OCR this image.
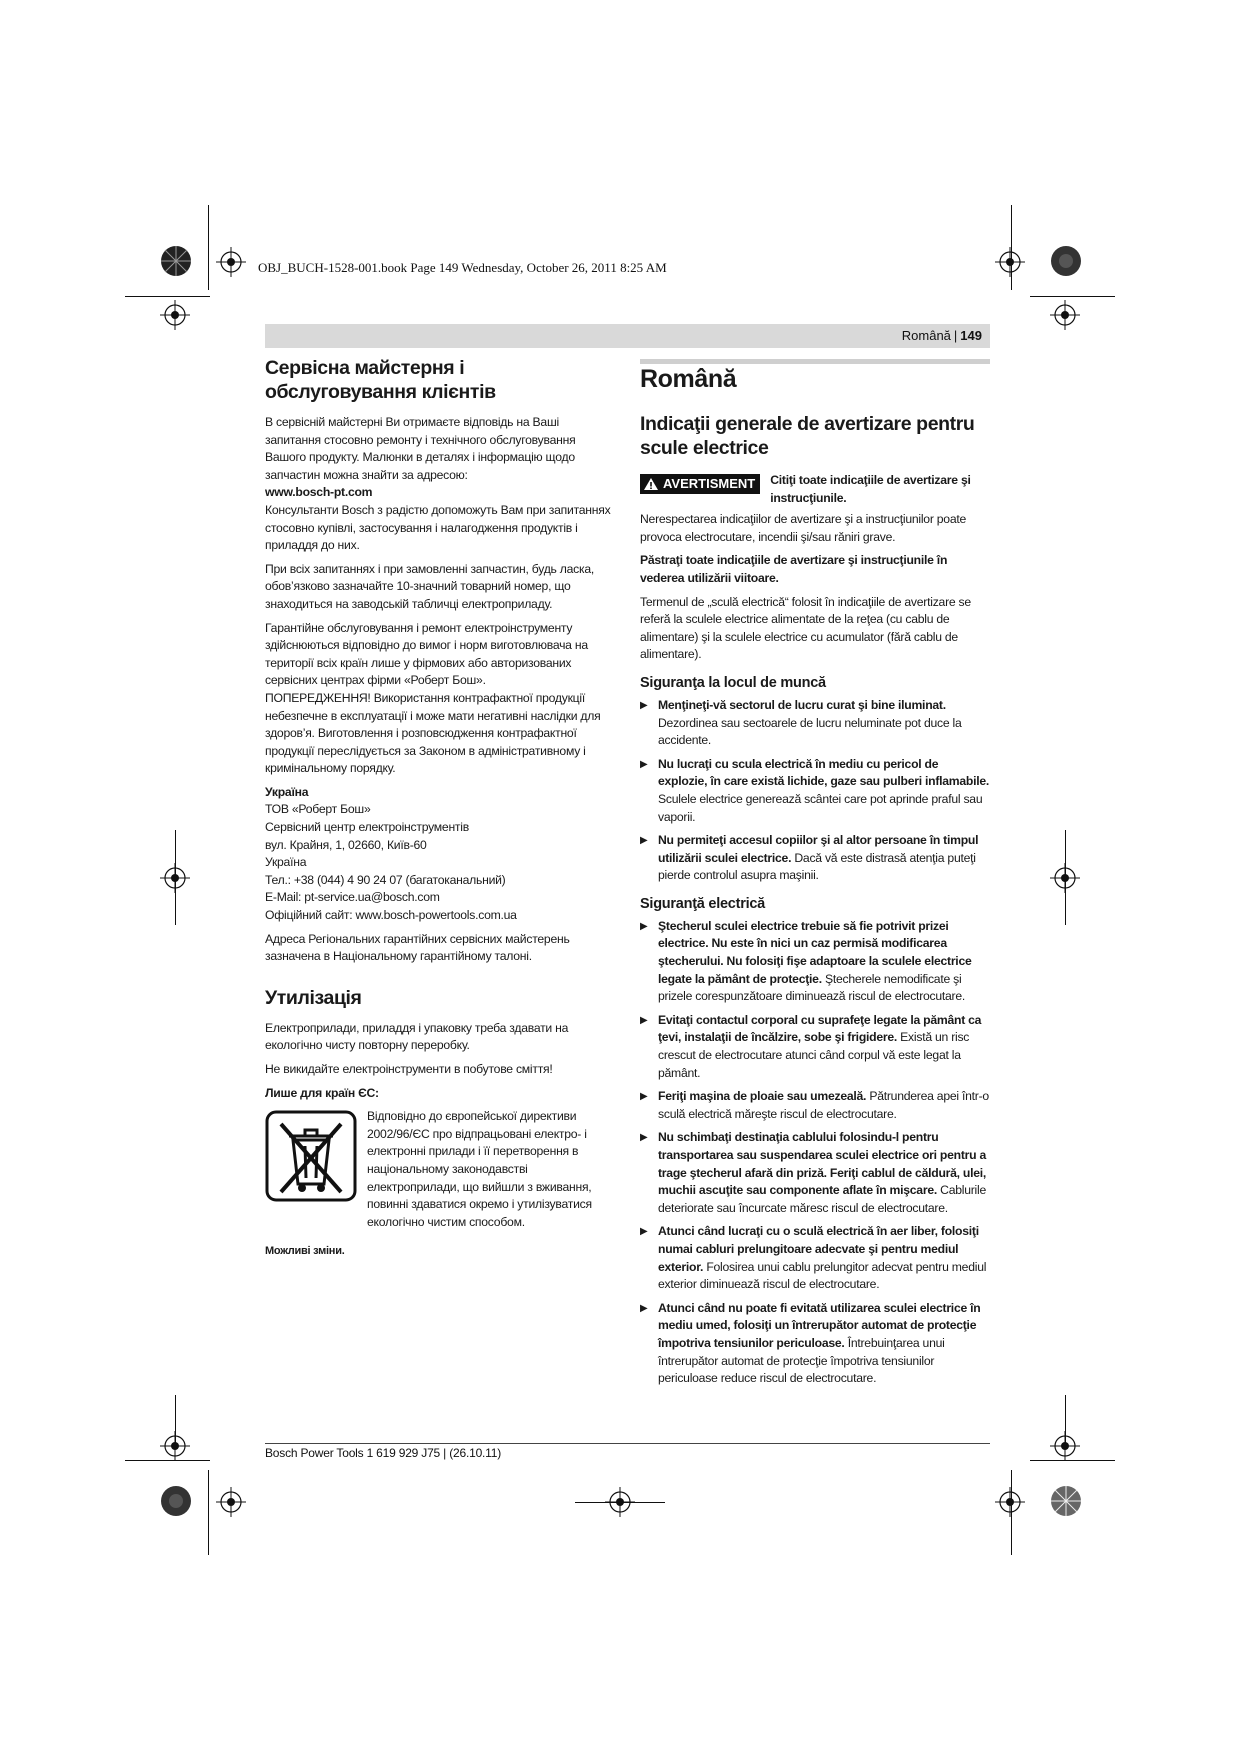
OBJ_BUCH-1528-001.book Page 149 Wednesday, October 26, 2011 8:25 AM
Română | 149
Сервісна майстерня і
обслуговування клієнтів

В сервісній майстерні Ви отримаєте відповідь на Ваші запитання стосовно ремонту і технічного обслуговування Вашого продукту. Малюнки в деталях і інформацію щодо запчастин можна знайти за адресою:

www.bosch-pt.com

Консультанти Bosch з радістю допоможуть Вам при запитаннях стосовно купівлі, застосування і налагодження продуктів і приладдя до них.

При всіх запитаннях і при замовленні запчастин, будь ласка, обов’язково зазначайте 10-значний товарний номер, що знаходиться на заводській табличці електроприладу.

Гарантійне обслуговування і ремонт електроінструменту здійснюються відповідно до вимог і норм виготовлювача на території всіх країн лише у фірмових або авторизованих сервісних центрах фірми «Роберт Бош».

ПОПЕРЕДЖЕННЯ! Використання контрафактної продукції небезпечне в експлуатації і може мати негативні наслідки для здоров’я. Виготовлення і розповсюдження контрафактної продукції переслідується за Законом в адміністративному і кримінальному порядку.

Україна

ТОВ «Роберт Бош»
Сервісний центр електроінструментів
вул. Крайня, 1, 02660, Київ-60
Україна
Тел.: +38 (044) 4 90 24 07 (багатоканальний)
E-Mail: pt-service.ua@bosch.com
Офіційний сайт: www.bosch-powertools.com.ua

Адреса Регіональних гарантійних сервісних майстерень зазначена в Національному гарантійному талоні.

Утилізація

Електроприлади, приладдя і упаковку треба здавати на екологічно чисту повторну переробку.

Не викидайте електроінструменти в побутове сміття!

Лише для країн ЄС:

Відповідно до європейської директиви 2002/96/ЄС про відпрацьовані електро- і електронні прилади і її перетворення в національному законодавстві електроприлади, що вийшли з вживання, повинні здаватися окремо і утилізуватися екологічно чистим способом.
Можливі зміни.
Română
Indicaţii generale de avertizare pentru scule electrice
AVERTISMENT Citiţi toate indicaţiile de avertizare şi instrucţiunile.

Nerespectarea indicaţiilor de avertizare şi a instrucţiunilor poate provoca electrocutare, incendii şi/sau răniri grave.

Păstraţi toate indicaţiile de avertizare şi instrucţiunile în vederea utilizării viitoare.

Termenul de „sculă electrică“ folosit în indicaţiile de avertizare se referă la sculele electrice alimentate de la reţea (cu cablu de alimentare) şi la sculele electrice cu acumulator (fără cablu de alimentare).

Siguranţa la locul de muncă
▶ Menţineţi-vă sectorul de lucru curat şi bine iluminat. Dezordinea sau sectoarele de lucru neluminate pot duce la accidente.
▶ Nu lucraţi cu scula electrică în mediu cu pericol de explozie, în care există lichide, gaze sau pulberi inflamabile. Sculele electrice generează scântei care pot aprinde praful sau vaporii.
▶ Nu permiteţi accesul copiilor şi al altor persoane în timpul utilizării sculei electrice. Dacă vă este distrasă atenţia puteţi pierde controlul asupra maşinii.
Siguranţă electrică
▶ Ştecherul sculei electrice trebuie să fie potrivit prizei electrice. Nu este în nici un caz permisă modificarea ştecherului. Nu folosiţi fişe adaptoare la sculele electrice legate la pământ de protecţie. Ştecherele nemodificate şi prizele corespunzătoare diminuează riscul de electrocutare.
▶ Evitaţi contactul corporal cu suprafeţe legate la pământ ca ţevi, instalaţii de încălzire, sobe şi frigidere. Există un risc crescut de electrocutare atunci când corpul vă este legat la pământ.
▶ Feriţi maşina de ploaie sau umezeală. Pătrunderea apei într-o sculă electrică măreşte riscul de electrocutare.
▶ Nu schimbaţi destinaţia cablului folosindu-l pentru transportarea sau suspendarea sculei electrice ori pentru a trage ştecherul afară din priză. Feriţi cablul de căldură, ulei, muchii ascuţite sau componente aflate în mişcare. Cablurile deteriorate sau încurcate măresc riscul de electrocutare.
▶ Atunci când lucraţi cu o sculă electrică în aer liber, folosiţi numai cabluri prelungitoare adecvate şi pentru mediul exterior. Folosirea unui cablu prelungitor adecvat pentru mediul exterior diminuează riscul de electrocutare.
▶ Atunci când nu poate fi evitată utilizarea sculei electrice în mediu umed, folosiţi un întrerupător automat de protecţie împotriva tensiunilor periculoase. Întrebuinţarea unui întrerupător automat de protecţie împotriva tensiunilor periculoase reduce riscul de electrocutare.
Bosch Power Tools 1 619 929 J75 | (26.10.11)
